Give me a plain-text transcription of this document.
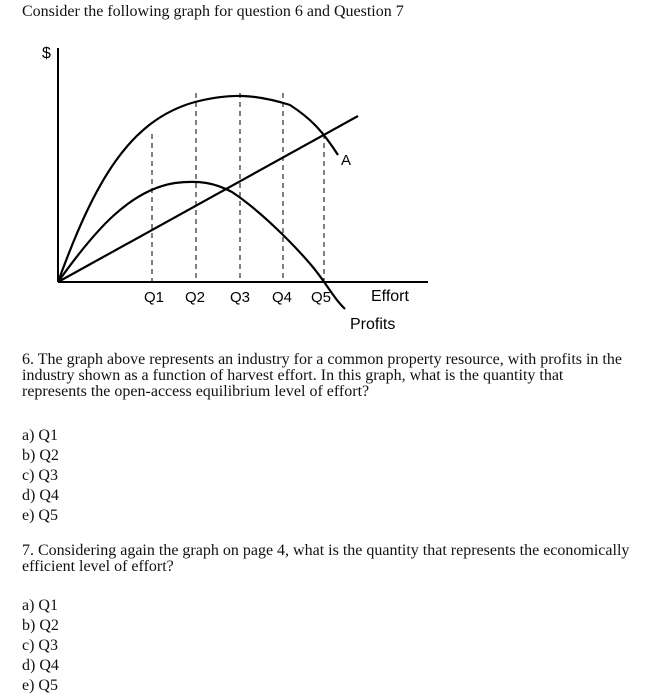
Consider the following graph for question 6 and Question 7
$
A
Effort
Profits
Q1 Q2 Q3 Q4 Q5
6. The graph above represents an industry for a common property resource, with profits in the industry shown as a function of harvest effort. In this graph, what is the quantity that represents the open-access equilibrium level of effort?
a) Q1
b) Q2
c) Q3
d) Q4
e) Q5
7. Considering again the graph on page 4, what is the quantity that represents the economically efficient level of effort?
a) Q1
b) Q2
c) Q3
d) Q4
e) Q5
